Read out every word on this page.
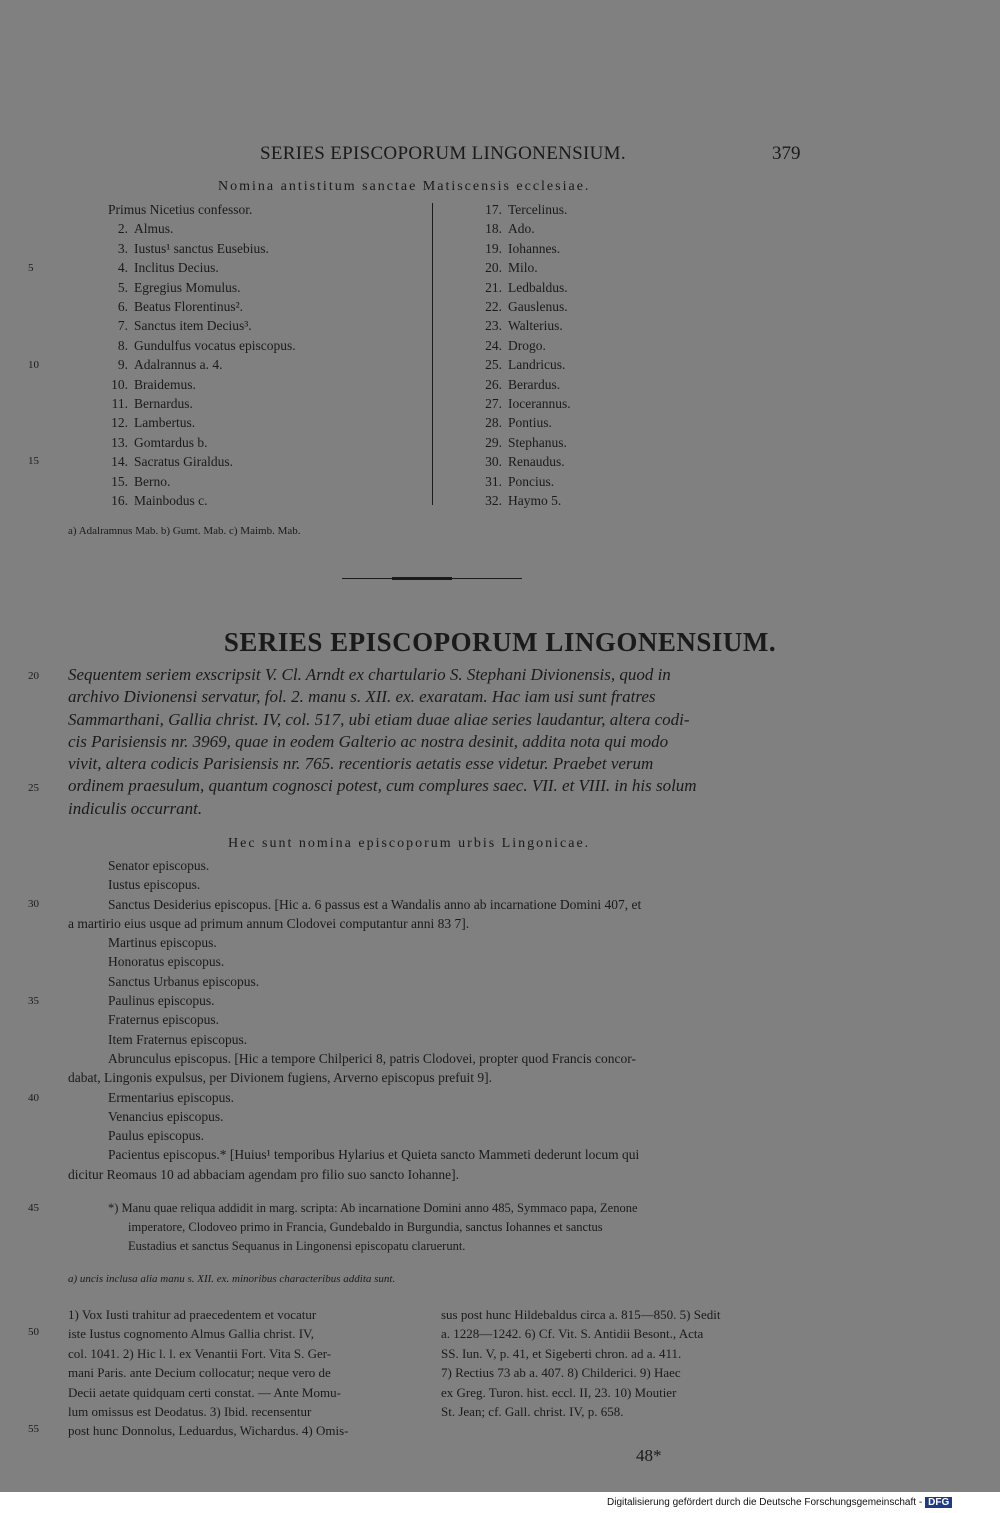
SERIES EPISCOPORUM LINGONENSIUM.	379
Nomina antistitum sanctae Matiscensis ecclesiae.
Primus Nicetius confessor.
2. Almus.
3. Iustus¹ sanctus Eusebius.
4. Inclitus Decius.
5. Egregius Momulus.
6. Beatus Florentinus².
7. Sanctus item Decius³.
8. Gundulfus vocatus episcopus.
9. Adalrannus a. 4.
10. Braidemus.
11. Bernardus.
12. Lambertus.
13. Gomtardus b.
14. Sacratus Giraldus.
15. Berno.
16. Mainbodus c.
17. Tercelinus.
18. Ado.
19. Iohannes.
20. Milo.
21. Ledbaldus.
22. Gauslenus.
23. Walterius.
24. Drogo.
25. Landricus.
26. Berardus.
27. Iocerannus.
28. Pontius.
29. Stephanus.
30. Renaudus.
31. Poncius.
32. Haymo 5.
5
10
15
a) Adalramnus Mab. b) Gumt. Mab. c) Maimb. Mab.
SERIES EPISCOPORUM LINGONENSIUM.
20
25
Sequentem seriem exscripsit V. Cl. Arndt ex chartulario S. Stephani Divionensis, quod in
archivo Divionensi servatur, fol. 2. manu s. XII. ex. exaratam. Hac iam usi sunt fratres
Sammarthani, Gallia christ. IV, col. 517, ubi etiam duae aliae series laudantur, altera codi-
cis Parisiensis nr. 3969, quae in eodem Galterio ac nostra desinit, addita nota qui modo
vivit, altera codicis Parisiensis nr. 765. recentioris aetatis esse videtur. Praebet verum
ordinem praesulum, quantum cognosci potest, cum complures saec. VII. et VIII. in his solum
indiculis occurrant.
Hec sunt nomina episcoporum urbis Lingonicae.
30
35
40
Senator episcopus.
Iustus episcopus.
Sanctus Desiderius episcopus. [Hic a. 6 passus est a Wandalis anno ab incarnatione Domini 407, et
a martirio eius usque ad primum annum Clodovei computantur anni 83 7].
Martinus episcopus.
Honoratus episcopus.
Sanctus Urbanus episcopus.
Paulinus episcopus.
Fraternus episcopus.
Item Fraternus episcopus.
Abrunculus episcopus. [Hic a tempore Chilperici 8, patris Clodovei, propter quod Francis concor-
dabat, Lingonis expulsus, per Divionem fugiens, Arverno episcopus prefuit 9].
Ermentarius episcopus.
Venancius episcopus.
Paulus episcopus.
Pacientus episcopus.* [Huius¹ temporibus Hylarius et Quieta sancto Mammeti dederunt locum qui
dicitur Reomaus 10 ad abbaciam agendam pro filio suo sancto Iohanne].
45	*) Manu quae reliqua addidit in marg. scripta: Ab incarnatione Domini anno 485, Symmaco papa, Zenone
imperatore, Clodoveo primo in Francia, Gundebaldo in Burgundia, sanctus Iohannes et sanctus
Eustadius et sanctus Sequanus in Lingonensi episcopatu claruerunt.
a) uncis inclusa alia manu s. XII. ex. minoribus characteribus addita sunt.
50
55
1) Vox Iusti trahitur ad praecedentem et vocatur
iste Iustus cognomento Almus Gallia christ. IV,
col. 1041. 2) Hic l. l. ex Venantii Fort. Vita S. Ger-
mani Paris. ante Decium collocatur; neque vero de
Decii aetate quidquam certi constat. — Ante Momu-
lum omissus est Deodatus. 3) Ibid. recensentur
post hunc Donnolus, Leduardus, Wichardus. 4) Omis-
sus post hunc Hildebaldus circa a. 815—850. 5) Sedit
a. 1228—1242. 6) Cf. Vit. S. Antidii Besont., Acta
SS. Iun. V, p. 41, et Sigeberti chron. ad a. 411.
7) Rectius 73 ab a. 407. 8) Childerici. 9) Haec
ex Greg. Turon. hist. eccl. II, 23. 10) Moutier
St. Jean; cf. Gall. christ. IV, p. 658.
48*
Digitalisierung gefördert durch die Deutsche Forschungsgemeinschaft - DFG
